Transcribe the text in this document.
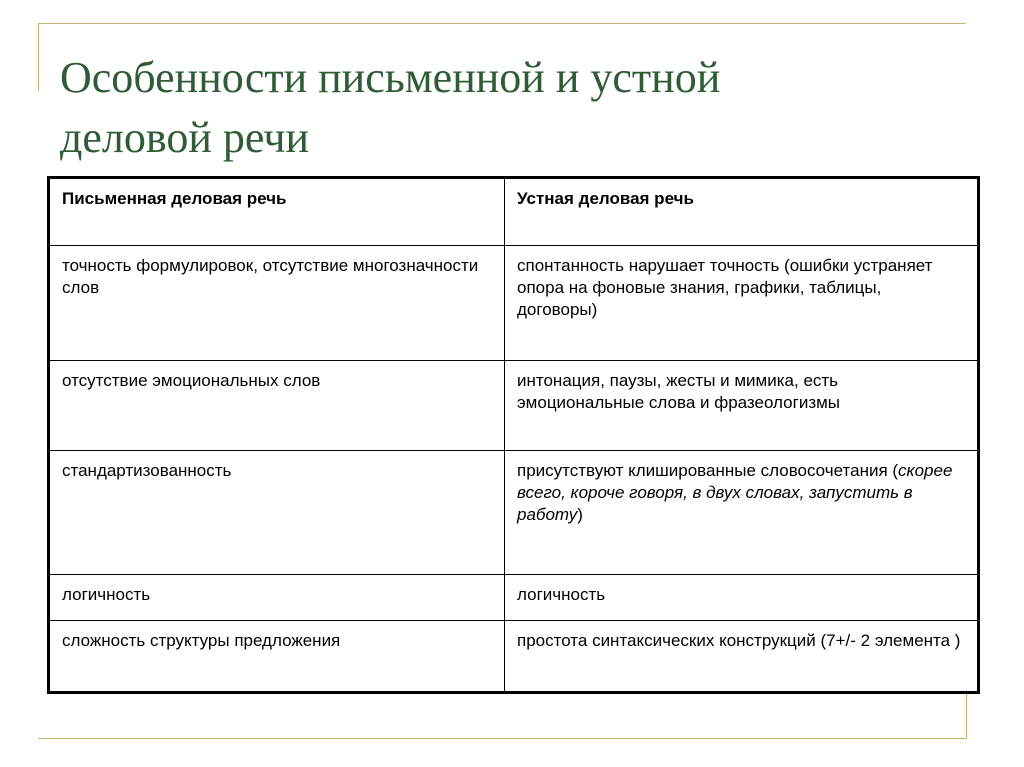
Особенности письменной и устной
деловой речи
Письменная деловая речь	Устная деловая речь
точность формулировок, отсутствие многозначности слов	спонтанность нарушает точность (ошибки устраняет опора на фоновые знания, графики, таблицы, договоры)
отсутствие эмоциональных слов	интонация, паузы, жесты и мимика, есть эмоциональные слова и фразеологизмы
стандартизованность	присутствуют клишированные словосочетания (скорее всего, короче говоря, в двух словах, запустить в работу)
логичность	логичность
сложность структуры предложения	простота синтаксических конструкций (7+/- 2 элемента )
